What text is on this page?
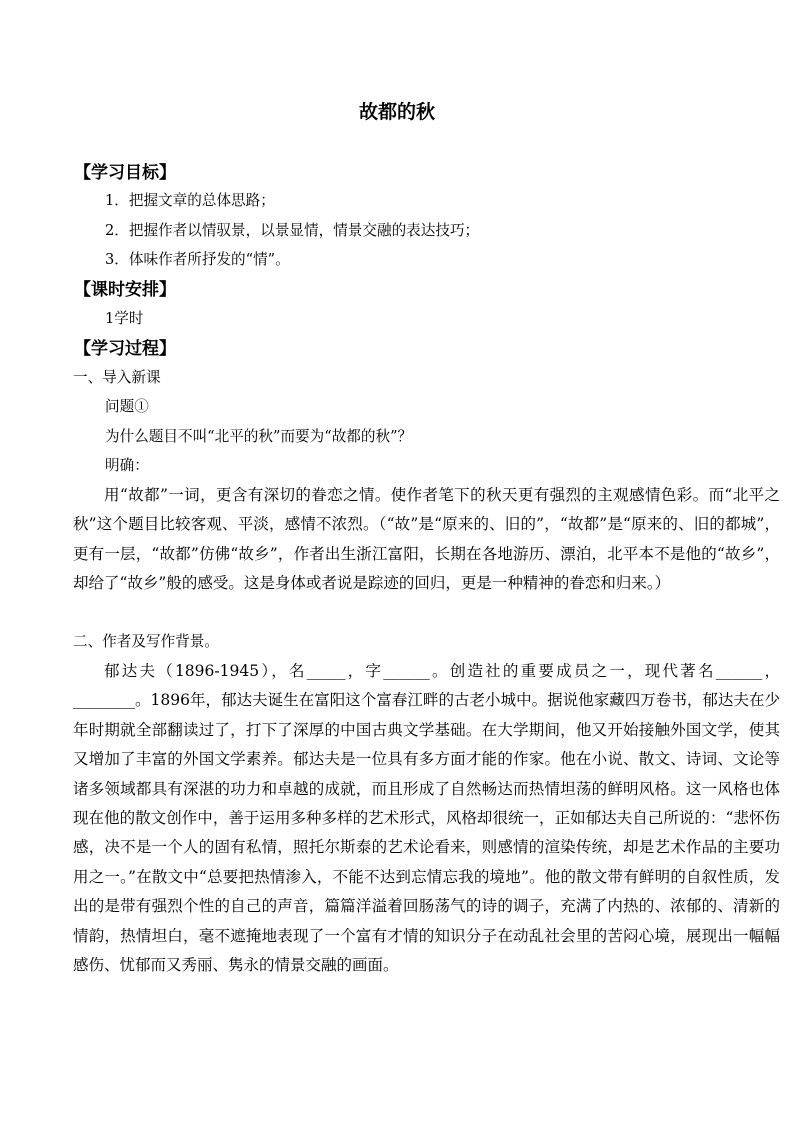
故都的秋
【学习目标】
1．把握文章的总体思路；
2．把握作者以情驭景，以景显情，情景交融的表达技巧；
3．体味作者所抒发的“情”。
【课时安排】
1学时
【学习过程】
一、导入新课
问题①
为什么题目不叫“北平的秋”而要为“故都的秋”？
明确：

用“故都”一词，更含有深切的眷恋之情。使作者笔下的秋天更有强烈的主观感情色彩。而“北平之秋”这个题目比较客观、平淡，感情不浓烈。（“故”是“原来的、旧的”，“故都”是“原来的、旧的都城”，更有一层，“故都”仿佛“故乡”，作者出生浙江富阳，长期在各地游历、漂泊，北平本不是他的“故乡”，却给了“故乡”般的感受。这是身体或者说是踪迹的回归，更是一种精神的眷恋和归来。）

二、作者及写作背景。

郁达夫（1896-1945），名_____，字______。创造社的重要成员之一，现代著名______，________。1896年，郁达夫诞生在富阳这个富春江畔的古老小城中。据说他家藏四万卷书，郁达夫在少年时期就全部翻读过了，打下了深厚的中国古典文学基础。在大学期间，他又开始接触外国文学，使其又增加了丰富的外国文学素养。郁达夫是一位具有多方面才能的作家。他在小说、散文、诗词、文论等诸多领域都具有深湛的功力和卓越的成就，而且形成了自然畅达而热情坦荡的鲜明风格。这一风格也体现在他的散文创作中，善于运用多种多样的艺术形式，风格却很统一，正如郁达夫自己所说的：“悲怀伤感，决不是一个人的固有私情，照托尔斯泰的艺术论看来，则感情的渲染传统，却是艺术作品的主要功用之一。”在散文中“总要把热情渗入，不能不达到忘情忘我的境地”。他的散文带有鲜明的自叙性质，发出的是带有强烈个性的自己的声音，篇篇洋溢着回肠荡气的诗的调子，充满了内热的、浓郁的、清新的情韵，热情坦白，毫不遮掩地表现了一个富有才情的知识分子在动乱社会里的苦闷心境，展现出一幅幅感伤、忧郁而又秀丽、隽永的情景交融的画面。
